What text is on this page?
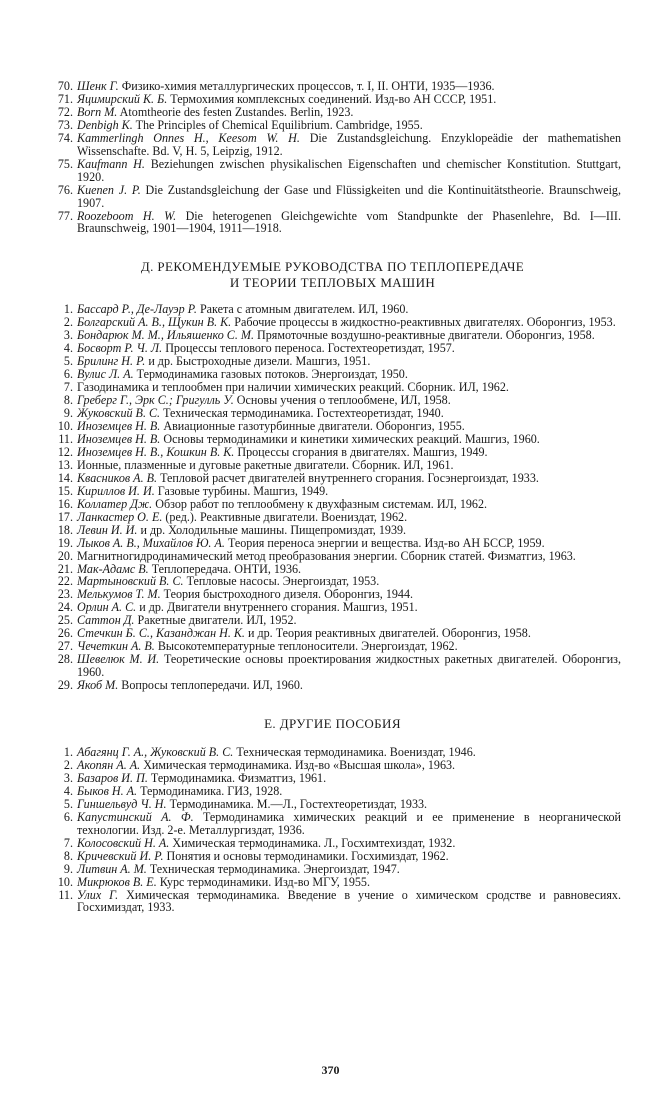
70. Шенк Г. Физико-химия металлургических процессов, т. I, II. ОНТИ, 1935—1936.
71. Яцимирский К. Б. Термохимия комплексных соединений. Изд-во АН СССР, 1951.
72. Born M. Atomtheorie des festen Zustandes. Berlin, 1923.
73. Denbigh K. The Principles of Chemical Equilibrium. Cambridge, 1955.
74. Kammerlingh Onnes H., Keesom W. H. Die Zustandsgleichung. Enzyklopeädie der mathematishen Wissenschafte. Bd. V, H. 5, Leipzig, 1912.
75. Kaufmann H. Beziehungen zwischen physikalischen Eigenschaften und chemischer Konstitution. Stuttgart, 1920.
76. Kuenen J. P. Die Zustandsgleichung der Gase und Flüssigkeiten und die Kontinuitätstheorie. Braunschweig, 1907.
77. Roozeboom H. W. Die heterogenen Gleichgewichte vom Standpunkte der Phasenlehre, Bd. I—III. Braunschweig, 1901—1904, 1911—1918.
Д. РЕКОМЕНДУЕМЫЕ РУКОВОДСТВА ПО ТЕПЛОПЕРЕДАЧЕ
И ТЕОРИИ ТЕПЛОВЫХ МАШИН
1. Бассард Р., Де-Лауэр Р. Ракета с атомным двигателем. ИЛ, 1960.
2. Болгарский А. В., Щукин В. К. Рабочие процессы в жидкостно-реактивных двигателях. Оборонгиз, 1953.
3. Бондарюк М. М., Ильяшенко С. М. Прямоточные воздушно-реактивные двигатели. Оборонгиз, 1958.
4. Босворт Р. Ч. Л. Процессы теплового переноса. Гостехтеоретиздат, 1957.
5. Брилинг Н. Р. и др. Быстроходные дизели. Машгиз, 1951.
6. Вулис Л. А. Термодинамика газовых потоков. Энергоиздат, 1950.
7. Газодинамика и теплообмен при наличии химических реакций. Сборник. ИЛ, 1962.
8. Греберг Г., Эрк С.; Григулль У. Основы учения о теплообмене, ИЛ, 1958.
9. Жуковский В. С. Техническая термодинамика. Гостехтеоретиздат, 1940.
10. Иноземцев Н. В. Авиационные газотурбинные двигатели. Оборонгиз, 1955.
11. Иноземцев Н. В. Основы термодинамики и кинетики химических реакций. Машгиз, 1960.
12. Иноземцев Н. В., Кошкин В. К. Процессы сгорания в двигателях. Машгиз, 1949.
13. Ионные, плазменные и дуговые ракетные двигатели. Сборник. ИЛ, 1961.
14. Квасников А. В. Тепловой расчет двигателей внутреннего сгорания. Госэнергоиздат, 1933.
15. Кириллов И. И. Газовые турбины. Машгиз, 1949.
16. Коллатер Дж. Обзор работ по теплообмену к двухфазным системам. ИЛ, 1962.
17. Ланкастер О. Е. (ред.). Реактивные двигатели. Воениздат, 1962.
18. Левин И. И. и др. Холодильные машины. Пищепромиздат, 1939.
19. Лыков А. В., Михайлов Ю. А. Теория переноса энергии и вещества. Изд-во АН БССР, 1959.
20. Магнитногидродинамический метод преобразования энергии. Сборник статей. Физматгиз, 1963.
21. Мак-Адамс В. Теплопередача. ОНТИ, 1936.
22. Мартыновский В. С. Тепловые насосы. Энергоиздат, 1953.
23. Мелькумов Т. М. Теория быстроходного дизеля. Оборонгиз, 1944.
24. Орлин А. С. и др. Двигатели внутреннего сгорания. Машгиз, 1951.
25. Саттон Д. Ракетные двигатели. ИЛ, 1952.
26. Стечкин Б. С., Казанджан Н. К. и др. Теория реактивных двигателей. Оборонгиз, 1958.
27. Чечеткин А. В. Высокотемпературные теплоносители. Энергоиздат, 1962.
28. Шевелюк М. И. Теоретические основы проектирования жидкостных ракетных двигателей. Оборонгиз, 1960.
29. Якоб М. Вопросы теплопередачи. ИЛ, 1960.
Е. ДРУГИЕ ПОСОБИЯ
1. Абагянц Г. А., Жуковский В. С. Техническая термодинамика. Воениздат, 1946.
2. Акопян А. А. Химическая термодинамика. Изд-во «Высшая школа», 1963.
3. Базаров И. П. Термодинамика. Физматгиз, 1961.
4. Быков Н. А. Термодинамика. ГИЗ, 1928.
5. Гиншельвуд Ч. Н. Термодинамика. М.—Л., Гостехтеоретиздат, 1933.
6. Капустинский А. Ф. Термодинамика химических реакций и ее применение в неорганической технологии. Изд. 2-е. Металлургиздат, 1936.
7. Колосовский Н. А. Химическая термодинамика. Л., Госхимтехиздат, 1932.
8. Кричевский И. Р. Понятия и основы термодинамики. Госхимиздат, 1962.
9. Литвин А. М. Техническая термодинамика. Энергоиздат, 1947.
10. Микрюков В. Е. Курс термодинамики. Изд-во МГУ, 1955.
11. Улих Г. Химическая термодинамика. Введение в учение о химическом сродстве и равновесиях. Госхимиздат, 1933.
370
